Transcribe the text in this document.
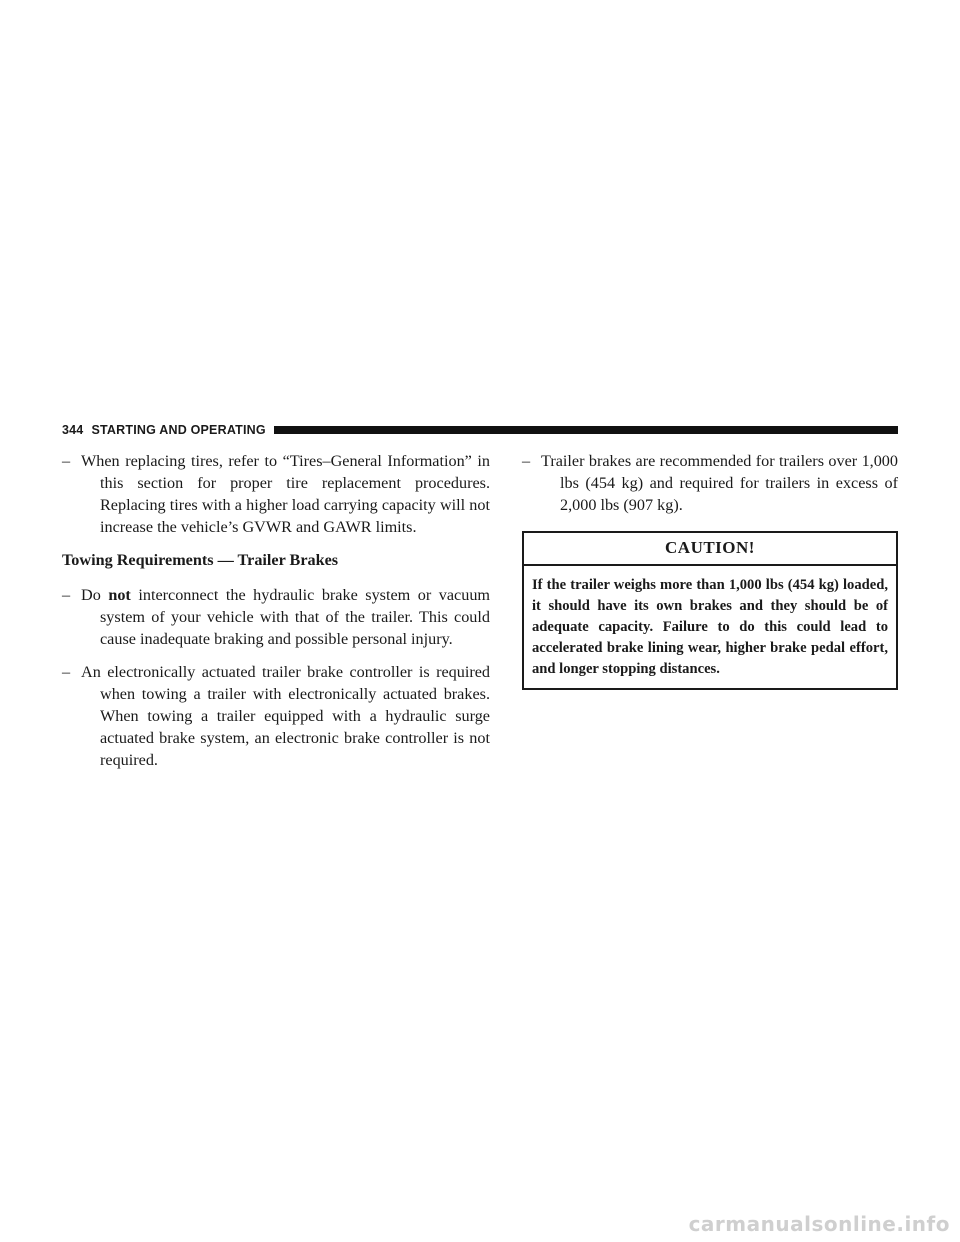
344 STARTING AND OPERATING

– When replacing tires, refer to “Tires–General Information” in this section for proper tire replacement procedures. Replacing tires with a higher load carrying capacity will not increase the vehicle’s GVWR and GAWR limits.

Towing Requirements — Trailer Brakes

– Do not interconnect the hydraulic brake system or vacuum system of your vehicle with that of the trailer. This could cause inadequate braking and possible personal injury.

– An electronically actuated trailer brake controller is required when towing a trailer with electronically actuated brakes. When towing a trailer equipped with a hydraulic surge actuated brake system, an electronic brake controller is not required.

– Trailer brakes are recommended for trailers over 1,000 lbs (454 kg) and required for trailers in excess of 2,000 lbs (907 kg).

CAUTION!
If the trailer weighs more than 1,000 lbs (454 kg) loaded, it should have its own brakes and they should be of adequate capacity. Failure to do this could lead to accelerated brake lining wear, higher brake pedal effort, and longer stopping distances.
carmanualsonline.info
